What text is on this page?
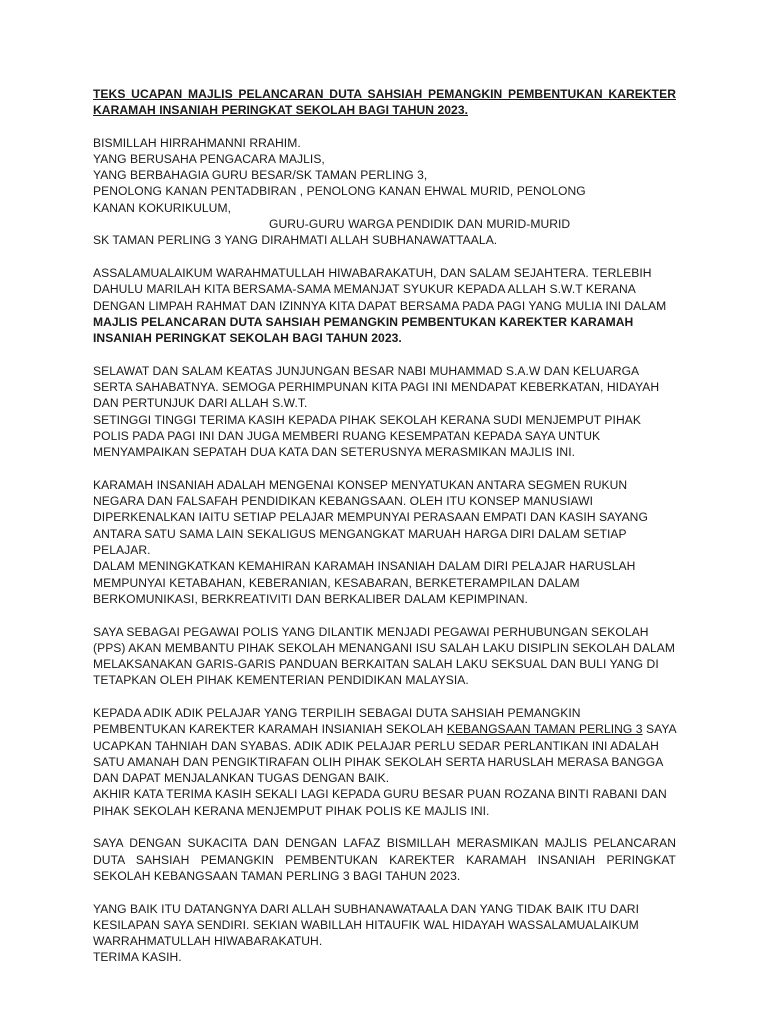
TEKS UCAPAN MAJLIS PELANCARAN DUTA SAHSIAH PEMANGKIN PEMBENTUKAN KAREKTER KARAMAH INSANIAH PERINGKAT SEKOLAH BAGI TAHUN 2023.
BISMILLAH HIRRAHMANNI RRAHIM.
YANG BERUSAHA PENGACARA MAJLIS,
YANG BERBAHAGIA GURU BESAR/SK TAMAN PERLING 3,
PENOLONG KANAN PENTADBIRAN , PENOLONG KANAN EHWAL MURID, PENOLONG KANAN KOKURIKULUM,
GURU-GURU WARGA PENDIDIK DAN MURID-MURID
SK TAMAN PERLING 3 YANG DIRAHMATI ALLAH SUBHANAWATTAALA.
ASSALAMUALAIKUM WARAHMATULLAH HIWABARAKATUH, DAN SALAM SEJAHTERA. TERLEBIH DAHULU MARILAH KITA BERSAMA-SAMA MEMANJAT SYUKUR KEPADA ALLAH S.W.T KERANA DENGAN LIMPAH RAHMAT DAN IZINNYA KITA DAPAT BERSAMA PADA PAGI YANG MULIA INI DALAM MAJLIS PELANCARAN DUTA SAHSIAH PEMANGKIN PEMBENTUKAN KAREKTER KARAMAH INSANIAH PERINGKAT SEKOLAH BAGI TAHUN 2023.
SELAWAT DAN SALAM KEATAS JUNJUNGAN BESAR NABI MUHAMMAD S.A.W DAN KELUARGA SERTA SAHABATNYA. SEMOGA PERHIMPUNAN KITA PAGI INI MENDAPAT KEBERKATAN, HIDAYAH DAN PERTUNJUK DARI ALLAH S.W.T.
SETINGGI TINGGI TERIMA KASIH KEPADA PIHAK SEKOLAH KERANA SUDI MENJEMPUT PIHAK POLIS PADA PAGI INI DAN JUGA MEMBERI RUANG KESEMPATAN KEPADA SAYA UNTUK MENYAMPAIKAN SEPATAH DUA KATA DAN SETERUSNYA MERASMIKAN MAJLIS INI.
KARAMAH INSANIAH ADALAH MENGENAI KONSEP MENYATUKAN ANTARA SEGMEN RUKUN NEGARA DAN FALSAFAH PENDIDIKAN KEBANGSAAN. OLEH ITU KONSEP MANUSIAWI DIPERKENALKAN IAITU SETIAP PELAJAR MEMPUNYAI PERASAAN EMPATI DAN KASIH SAYANG ANTARA SATU SAMA LAIN SEKALIGUS MENGANGKAT MARUAH HARGA DIRI DALAM SETIAP PELAJAR.
DALAM MENINGKATKAN KEMAHIRAN KARAMAH INSANIAH DALAM DIRI PELAJAR HARUSLAH MEMPUNYAI KETABAHAN, KEBERANIAN, KESABARAN, BERKETERAMPILAN DALAM BERKOMUNIKASI, BERKREATIVITI DAN BERKALIBER DALAM KEPIMPINAN.
SAYA SEBAGAI PEGAWAI POLIS YANG DILANTIK MENJADI PEGAWAI PERHUBUNGAN SEKOLAH (PPS) AKAN MEMBANTU PIHAK SEKOLAH MENANGANI ISU SALAH LAKU DISIPLIN SEKOLAH DALAM MELAKSANAKAN GARIS-GARIS PANDUAN BERKAITAN SALAH LAKU SEKSUAL DAN BULI YANG DI TETAPKAN OLEH PIHAK KEMENTERIAN PENDIDIKAN MALAYSIA.
KEPADA ADIK ADIK PELAJAR YANG TERPILIH SEBAGAI DUTA SAHSIAH PEMANGKIN PEMBENTUKAN KAREKTER KARAMAH INSIANIAH SEKOLAH KEBANGSAAN TAMAN PERLING 3 SAYA UCAPKAN TAHNIAH DAN SYABAS. ADIK ADIK PELAJAR PERLU SEDAR PERLANTIKAN INI ADALAH SATU AMANAH DAN PENGIKTIRAFAN OLIH PIHAK SEKOLAH SERTA HARUSLAH MERASA BANGGA DAN DAPAT MENJALANKAN TUGAS DENGAN BAIK.
AKHIR KATA TERIMA KASIH SEKALI LAGI KEPADA GURU BESAR PUAN ROZANA BINTI RABANI DAN PIHAK SEKOLAH KERANA MENJEMPUT PIHAK POLIS KE MAJLIS INI.
SAYA DENGAN SUKACITA DAN DENGAN LAFAZ BISMILLAH MERASMIKAN MAJLIS PELANCARAN DUTA SAHSIAH PEMANGKIN PEMBENTUKAN KAREKTER KARAMAH INSANIAH PERINGKAT SEKOLAH KEBANGSAAN TAMAN PERLING 3 BAGI TAHUN 2023.
YANG BAIK ITU DATANGNYA DARI ALLAH SUBHANAWATAALA DAN YANG TIDAK BAIK ITU DARI KESILAPAN SAYA SENDIRI. SEKIAN WABILLAH HITAUFIK WAL HIDAYAH WASSALAMUALAIKUM WARRAHMATULLAH HIWABARAKATUH.
TERIMA KASIH.
